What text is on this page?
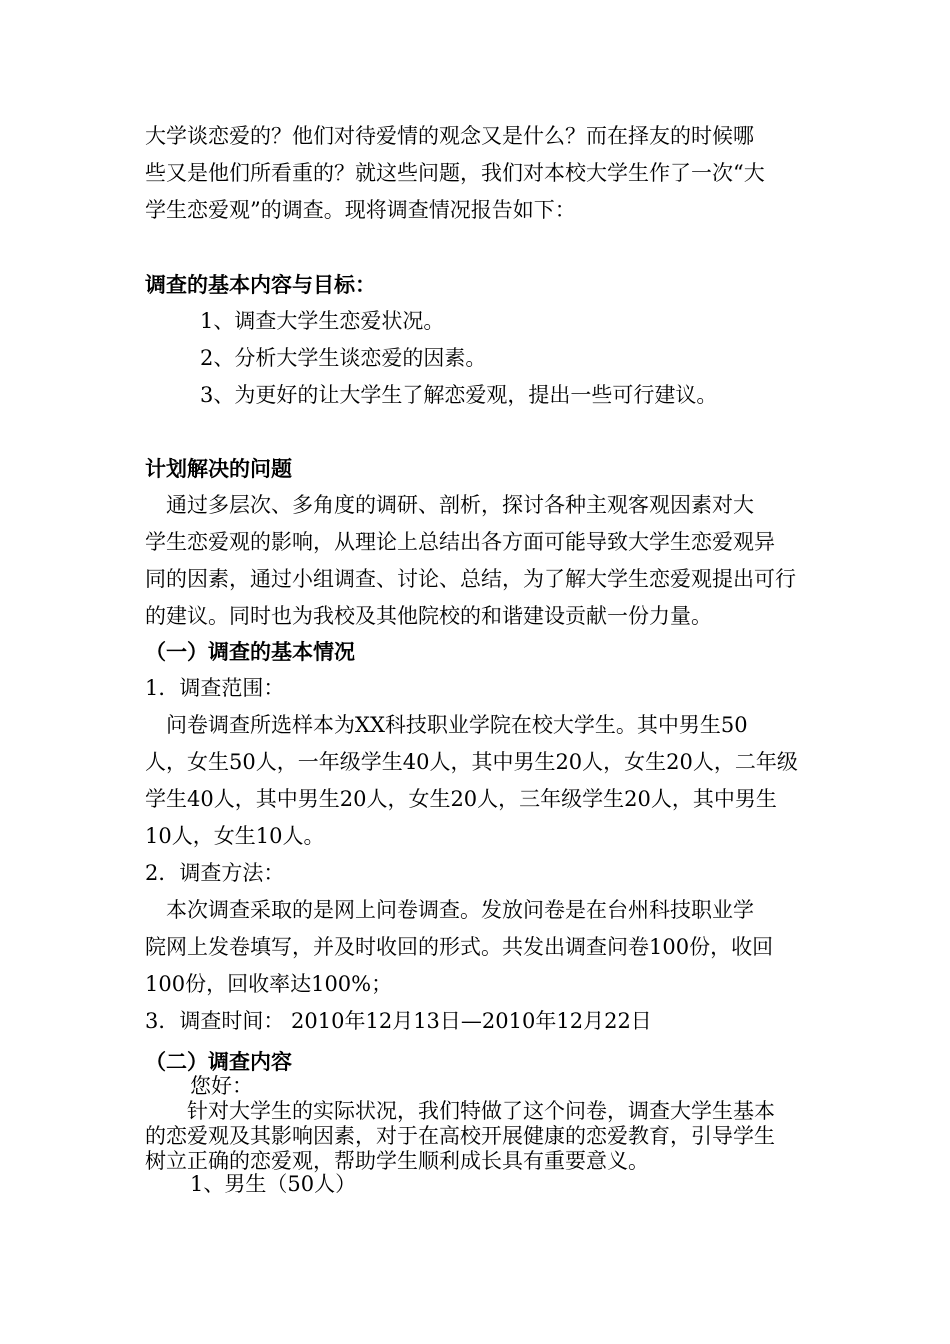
大学谈恋爱的？他们对待爱情的观念又是什么？而在择友的时候哪
些又是他们所看重的？就这些问题，我们对本校大学生作了一次“大
学生恋爱观”的调查。现将调查情况报告如下：
调查的基本内容与目标：
1、调查大学生恋爱状况。
2、分析大学生谈恋爱的因素。
3、为更好的让大学生了解恋爱观，提出一些可行建议。
计划解决的问题
　通过多层次、多角度的调研、剖析，探讨各种主观客观因素对大
学生恋爱观的影响，从理论上总结出各方面可能导致大学生恋爱观异
同的因素，通过小组调查、讨论、总结，为了解大学生恋爱观提出可行
的建议。同时也为我校及其他院校的和谐建设贡献一份力量。
（一）调查的基本情况
1．调查范围：
　问卷调查所选样本为XX科技职业学院在校大学生。其中男生50
人，女生50人，一年级学生40人，其中男生20人，女生20人，二年级
学生40人，其中男生20人，女生20人，三年级学生20人，其中男生
10人，女生10人。
2．调查方法：
　本次调查采取的是网上问卷调查。发放问卷是在台州科技职业学
院网上发卷填写，并及时收回的形式。共发出调查问卷100份，收回
100份，回收率达100%；
3．调查时间： 2010年12月13日—2010年12月22日
（二）调查内容
您好：
　　针对大学生的实际状况，我们特做了这个问卷，调查大学生基本
的恋爱观及其影响因素，对于在高校开展健康的恋爱教育，引导学生
树立正确的恋爱观，帮助学生顺利成长具有重要意义。
1、男生（50人）
